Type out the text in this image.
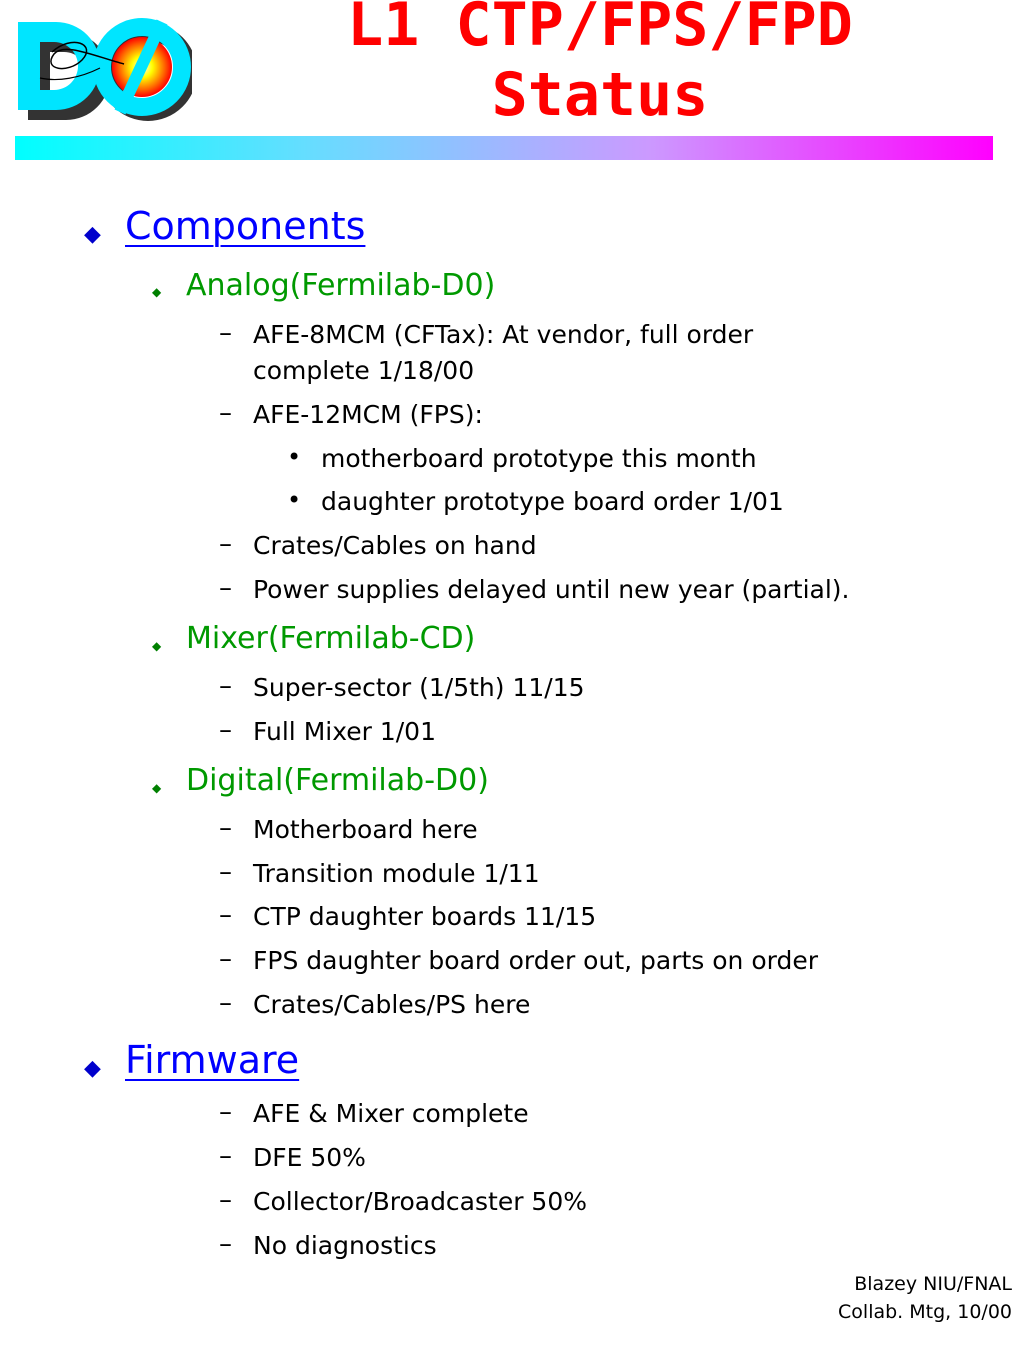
L1 CTP/FPS/FPD
Status
◆ Components
◆ Analog(Fermilab-D0)
– AFE-8MCM (CFTax): At vendor, full order
complete 1/18/00
– AFE-12MCM (FPS):
• motherboard prototype this month
• daughter prototype board order 1/01
– Crates/Cables on hand
– Power supplies delayed until new year (partial).
◆ Mixer(Fermilab-CD)
– Super-sector (1/5th) 11/15
– Full Mixer 1/01
◆ Digital(Fermilab-D0)
– Motherboard here
– Transition module 1/11
– CTP daughter boards 11/15
– FPS daughter board order out, parts on order
– Crates/Cables/PS here
◆ Firmware
– AFE & Mixer complete
– DFE 50%
– Collector/Broadcaster 50%
– No diagnostics
Blazey NIU/FNAL
Collab. Mtg, 10/00
